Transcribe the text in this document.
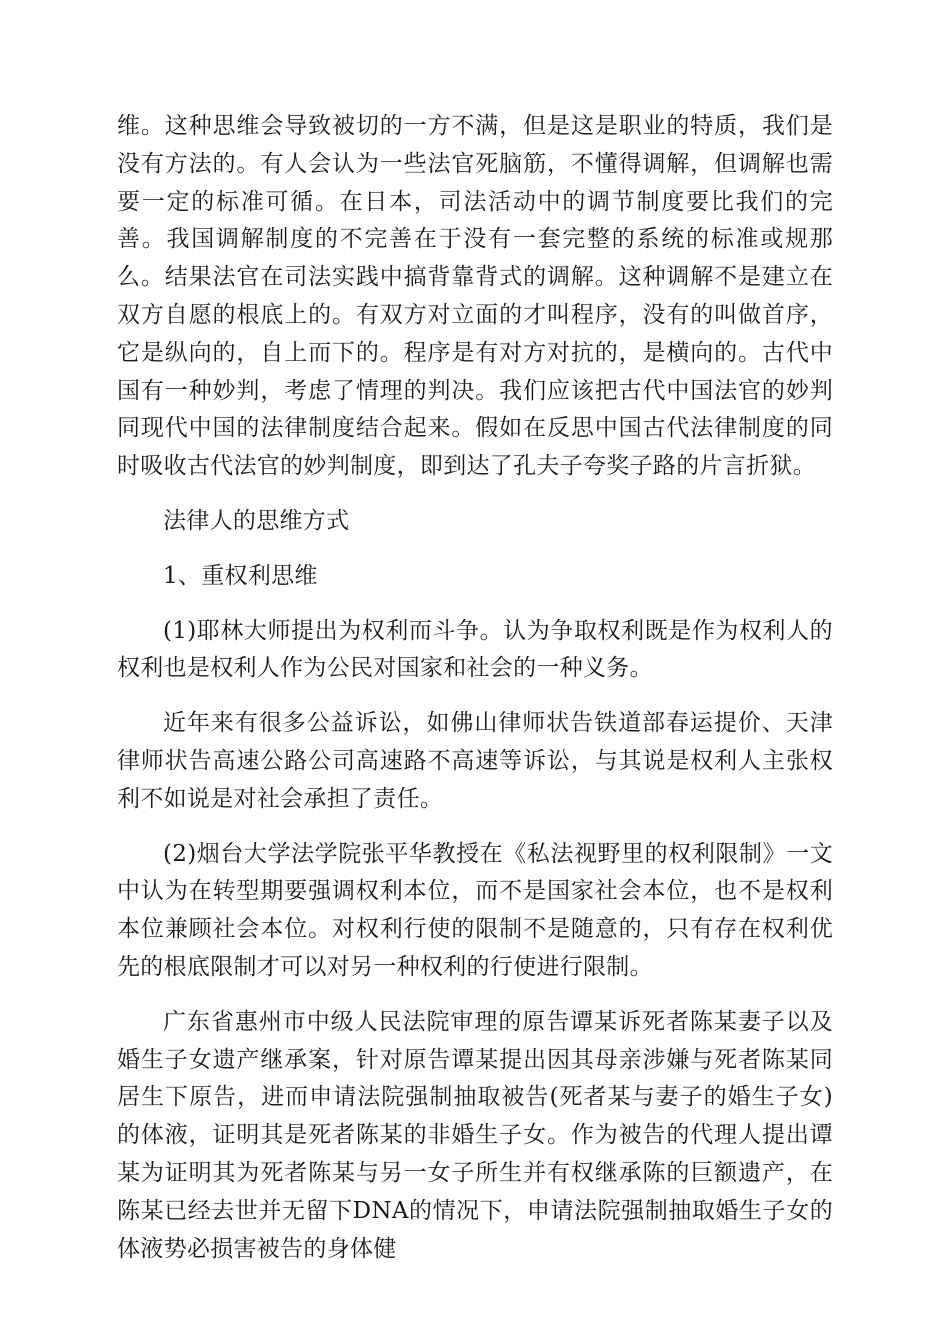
维。这种思维会导致被切的一方不满，但是这是职业的特质，我们是没有方法的。有人会认为一些法官死脑筋，不懂得调解，但调解也需要一定的标准可循。在日本，司法活动中的调节制度要比我们的完善。我国调解制度的不完善在于没有一套完整的系统的标准或规那么。结果法官在司法实践中搞背靠背式的调解。这种调解不是建立在双方自愿的根底上的。有双方对立面的才叫程序，没有的叫做首序，它是纵向的，自上而下的。程序是有对方对抗的，是横向的。古代中国有一种妙判，考虑了情理的判决。我们应该把古代中国法官的妙判同现代中国的法律制度结合起来。假如在反思中国古代法律制度的同时吸收古代法官的妙判制度，即到达了孔夫子夸奖子路的片言折狱。

法律人的思维方式

1、重权利思维

(1)耶林大师提出为权利而斗争。认为争取权利既是作为权利人的权利也是权利人作为公民对国家和社会的一种义务。

近年来有很多公益诉讼，如佛山律师状告铁道部春运提价、天津律师状告高速公路公司高速路不高速等诉讼，与其说是权利人主张权利不如说是对社会承担了责任。

(2)烟台大学法学院张平华教授在《私法视野里的权利限制》一文中认为在转型期要强调权利本位，而不是国家社会本位，也不是权利本位兼顾社会本位。对权利行使的限制不是随意的，只有存在权利优先的根底限制才可以对另一种权利的行使进行限制。

广东省惠州市中级人民法院审理的原告谭某诉死者陈某妻子以及婚生子女遗产继承案，针对原告谭某提出因其母亲涉嫌与死者陈某同居生下原告，进而申请法院强制抽取被告(死者某与妻子的婚生子女)的体液，证明其是死者陈某的非婚生子女。作为被告的代理人提出谭某为证明其为死者陈某与另一女子所生并有权继承陈的巨额遗产，在陈某已经去世并无留下DNA的情况下，申请法院强制抽取婚生子女的体液势必损害被告的身体健
